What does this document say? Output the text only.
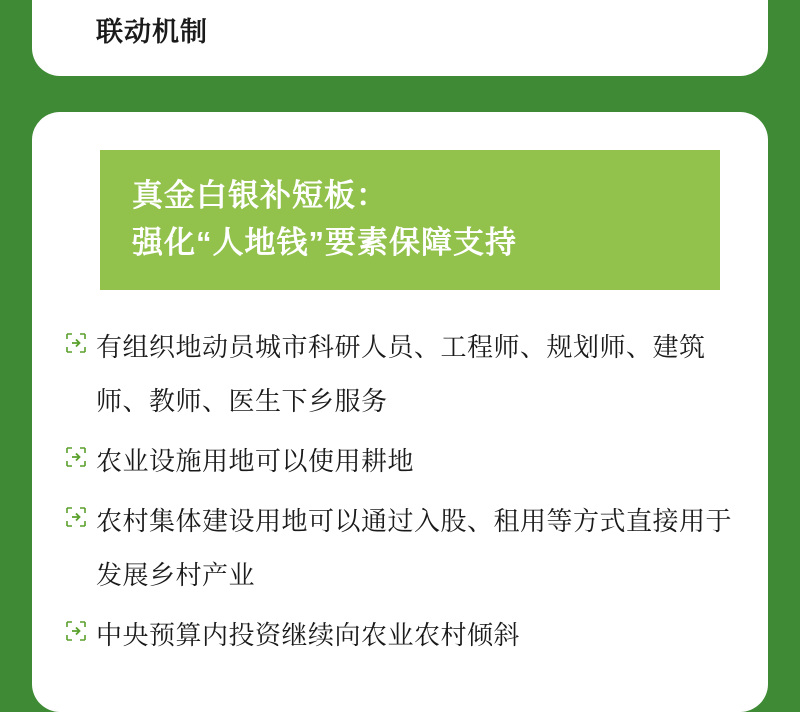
联动机制
真金白银补短板：
强化“人地钱”要素保障支持
有组织地动员城市科研人员、工程师、规划师、建筑师、教师、医生下乡服务
农业设施用地可以使用耕地
农村集体建设用地可以通过入股、租用等方式直接用于发展乡村产业
中央预算内投资继续向农业农村倾斜
